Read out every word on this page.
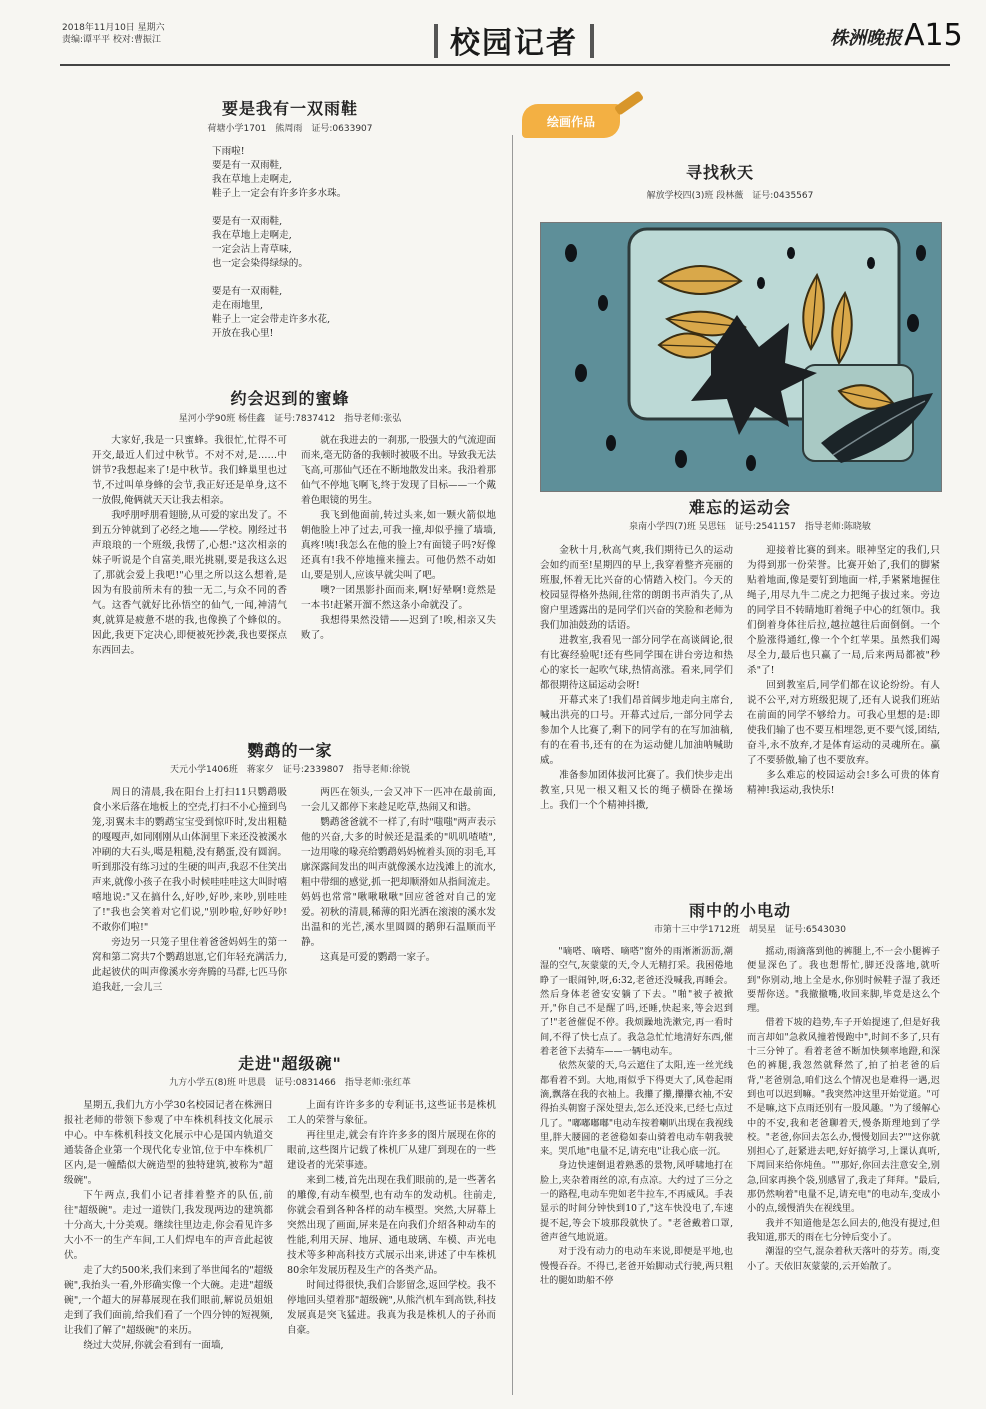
2018年11月10日 星期六
责编:谭平平 校对:曹振江	校园记者	株洲晚报 A15
要是我有一双雨鞋
荷塘小学1701　熊周雨　证号:0633907

下雨啦!
要是有一双雨鞋,
我在草地上走啊走,
鞋子上一定会有许多许多水珠。

要是有一双雨鞋,
我在草地上走啊走,
一定会沾上青草味,
也一定会染得绿绿的。

要是有一双雨鞋,
走在雨地里,
鞋子上一定会带走许多水花,
开放在我心里!

约会迟到的蜜蜂
星河小学90班 杨佳鑫　证号:7837412　指导老师:张弘

大家好,我是一只蜜蜂。我很忙,忙得不可开交,最近人们过中秋节。不对不对,是……中饼节?我想起来了!是中秋节。我们蜂巢里也过节,不过叫单身蜂的会节,我正好还是单身,这不一放假,俺俩就天天让我去相亲。

我呼朋呼朋看翅膀,从可爱的家出发了。不到五分钟就到了必经之地——学校。刚经过书声琅琅的一个班级,我愣了,心想:"这次相亲的妹子听说是个自富美,眼光挑剔,要是我这么迟了,那就会爱上我吧!"心里之所以这么想着,是因为有股前所未有的独一无二,与众不同的香气。这香气就好比孙悟空的仙气,一闻,神清气爽,就算是疲惫不堪的我,也像换了个蜂似的。因此,我更下定决心,即便被死抄袭,我也要探点东西回去。

就在我进去的一刹那,一股强大的气流迎面而来,毫无防备的我顿时被吸不出。导致我无法飞高,可那仙气还在不断地散发出来。我沿着那仙气不停地飞啊飞,终于发现了目标——一个戴着色眼镜的男生。

我飞到他面前,转过头来,如一颗火箭似地朝他脸上冲了过去,可我一撞,却似乎撞了墙墙,真疼!咦!我怎么在他的脸上?有面镜子吗?好像还真有!我不停地撞来撞去。可他仍然不动如山,要是别人,应该早就尖叫了吧。

噢?一团黑影扑面而来,啊!好晕啊!竟然是一本书!赶紧开溜不然这条小命就没了。

我想得果然没错——迟到了!唉,相亲又失败了。

鹦鹉的一家
天元小学1406班　蒋家夕　证号:2339807　指导老师:徐锐

周日的清晨,我在阳台上打扫11只鹦鹉吸食小米后落在地板上的空壳,打扫不小心撞到鸟笼,羽翼未丰的鹦鹉宝宝受到惊吓时,发出粗糙的嘎嘎声,如同刚刚从山体洞里下来还没被溪水冲刷的大石头,噶是粗糙,没有鹅蛋,没有圆润。听到那没有练习过的生硬的叫声,我忍不住笑出声来,就像小孩子在我小时候哇哇哇这大叫时嘻嘻地说:"又在搞什么,好吵,好吵,来吵,别哇哇了!"我也会笑着对它们说,"别吵啦,好吵好吵!不敢你们啦!"

旁边另一只笼子里住着爸爸妈妈生的第一窝和第二窝共7个鹦鹉崽崽,它们年轻充满活力,此起彼伏的叫声像溪水旁奔腾的马群,七匹马你追我赶,一会儿三

两匹在领头,一会又冲下一匹冲在最前面,一会儿又都停下来趁足吃草,热闹又和谐。

鹦鹉爸爸就不一样了,有时"嗤嗤"两声表示他的兴奋,大多的时候还是温柔的"叽叽喳喳",一边用喙的喙亮给鹦鹉妈妈梳着头顶的羽毛,耳廓深露间发出的叫声就像溪水边浅滩上的流水,粗中带细的感觉,抓一把却顺滑如从指间流走。妈妈也常常"啾啾啾啾"回应爸爸对自己的宠爱。初秋的清晨,稀薄的阳光洒在滚滚的溪水发出温和的光芒,溪水里圆圆的鹅卵石温顺而平静。

这真是可爱的鹦鹉一家子。

走进"超级碗"
九方小学五(8)班 叶思晨　证号:0831466　指导老师:张红革

星期五,我们九方小学30名校园记者在株洲日报社老师的带领下参观了中车株机科技文化展示中心。中车株机科技文化展示中心是国内轨道交通装备企业第一个现代化专业馆,位于中车株机厂区内,是一幢酷似大碗造型的独特建筑,被称为"超级碗"。

下午两点,我们小记者排着整齐的队伍,前往"超级碗"。走过一道铁门,我发现两边的建筑都十分高大,十分美观。继续往里边走,你会看见许多大小不一的生产车间,工人们焊电车的声音此起彼伏。

走了大约500米,我们来到了举世闻名的"超级碗",我抬头一看,外形确实像一个大碗。走进"超级碗",一个超大的屏幕展现在我们眼前,解说员姐姐走到了我们面前,给我们看了一个四分钟的短视频,让我们了解了"超级碗"的来历。

绕过大荧屏,你就会看到有一面墙,

上面有许许多多的专利证书,这些证书是株机工人的荣誉与象征。

再往里走,就会有许许多多的图片展现在你的眼前,这些图片记载了株机厂从建厂到现在的一些建设者的光荣事迹。

来到二楼,首先出现在我们眼前的,是一些著名的雕像,有动车模型,也有动车的发动机。往前走,你就会看到各种各样的动车模型。突然,大屏幕上突然出现了画面,屏来是在向我们介绍各种动车的性能,利用天屏、地屏、通电玻璃、车模、声光电技术等多种高科技方式展示出来,讲述了中车株机80余年发展历程及生产的各类产品。

时间过得很快,我们合影留念,返回学校。我不停地回头望着那"超级碗",从熊汽机车到高铁,科技发展真是突飞猛进。我真为我是株机人的子孙而自豪。

绘画作品
寻找秋天
解放学校四(3)班 段林薇　证号:0435567
难忘的运动会
泉南小学四(7)班 吴思钰　证号:2541157　指导老师:陈晓敏

金秋十月,秋高气爽,我们期待已久的运动会如约而至!星期四的早上,我穿着整齐亮丽的班服,怀着无比兴奋的心情踏入校门。今天的校园显得格外热闹,往常的朗朗书声消失了,从窗户里透露出的是同学们兴奋的笑脸和老师为我们加油鼓劲的话语。

进教室,我看见一部分同学在高谈阔论,很有比赛经验呢!还有些同学围在讲台旁边和热心的家长一起吹气球,热情高涨。看来,同学们都很期待这届运动会呀!

开幕式来了!我们昂首阔步地走向主席台,喊出洪亮的口号。开幕式过后,一部分同学去参加个人比赛了,剩下的同学有的在写加油稿,有的在看书,还有的在为运动健儿加油呐喊助威。

准备参加团体拔河比赛了。我们快步走出教室,只见一根又粗又长的绳子横卧在操场上。我们一个个精神抖擞,

迎接着比赛的到来。眼神坚定的我们,只为得到那一份荣誉。比赛开始了,我们的脚紧贴着地面,像是要钉到地面一样,手紧紧地握住绳子,用尽九牛二虎之力把绳子拔过来。旁边的同学目不转睛地盯着绳子中心的红领巾。我们倒着身体往后拉,越拉越往后面倒倒。一个个脸涨得通红,像一个个红苹果。虽然我们竭尽全力,最后也只赢了一局,后来两局都被"秒杀"了!

回到教室后,同学们都在议论纷纷。有人说不公平,对方班级犯规了,还有人说我们班站在前面的同学不够给力。可我心里想的是:即使我们输了也不要互相埋怨,更不要气馁,团结,奋斗,永不放弃,才是体育运动的灵魂所在。赢了不要骄傲,输了也不要放弃。

多么难忘的校园运动会!多么可贵的体育精神!我运动,我快乐!

雨中的小电动
市第十三中学1712班　胡昊星　证号:6543030

"嘀嗒、嘀嗒、嘀嗒"窗外的雨淅淅沥沥,潮湿的空气,灰蒙蒙的天,令人无精打采。我困倦地睁了一眼闹钟,呀,6:32,老爸还没喊我,再睡会。然后身体老爸安安躺了下去。"啪"被子被掀开,"你自己不是醒了吗,还睡,快起来,等会迟到了!"老爸催促不停。我烦躁地洗漱完,再一看时间,不得了快七点了。我急急忙忙地清好东西,催着老爸下去骑车——一辆电动车。

依然灰蒙的天,乌云遮住了太阳,连一丝光线都看着不到。大地,雨似乎下得更大了,风卷起雨滴,飘落在我的衣袖上。我攥了攥,攥攥衣袖,不安得抬头朝窗子深处望去,怎么还没来,已经七点过几了。"嘟嘟嘟嘟"电动车按着喇叭出现在我视线里,胖大腰圆的老爸稳如泰山骑着电动车朝我驶来。哭爪地"电量不足,请充电"让我心底一沉。

身边快速倒退着熟悉的景物,风呼啸地打在脸上,夹杂着雨丝的凉,有点凉。大约过了三分之一的路程,电动车兜如老牛拉车,不再威风。手表显示的时间分钟快到10了,"这车快没电了,车速提不起,等会下坡那段就快了。"老爸戴着口罩,爸声爸气地说道。

对于没有动力的电动车来说,即便是平地,也慢慢吞吞。不得已,老爸开始脚动式行驶,两只粗壮的腿如助船不停

摇动,雨滴落到他的裤腿上,不一会小腿裤子便显深色了。我也想帮忙,脚还没落地,就听到"你别动,地上全是水,你别时候鞋子湿了我还要帮你送。"我撤撤嘴,收回来脚,毕竟是这么个理。

借着下坡的趋势,车子开始提速了,但是好我而言却如"急救风撞着慢跑中",时间不多了,只有十三分钟了。看着老爸不断加快频率地蹬,和深色的裤腿,我忽然就释然了,拍了拍老爸的后背,"老爸别急,咱们这么个情况也是难得一遇,迟到也可以迟到嘛。"我突然冲这里开始觉道。"可不是嘛,这下点雨还别有一股风趣。"为了缓解心中的不安,我和老爸聊着天,慢条斯理地到了学校。"老爸,你回去怎么办,慢慢划回去?""这你就别担心了,赶紧进去吧,好好搞学习,上课认真听,下周回来给你炖鱼。""那好,你回去注意安全,别急,回家再换个袋,别感冒了,我走了拜拜。"最后,那仍然响着"电量不足,请充电"的电动车,变成小小的点,缓慢消失在视线里。

我并不知道他是怎么回去的,他没有提过,但我知道,那天的雨在七分钟后变小了。

潮湿的空气,混杂着秋天落叶的芬芳。雨,变小了。天依旧灰蒙蒙的,云开始散了。
